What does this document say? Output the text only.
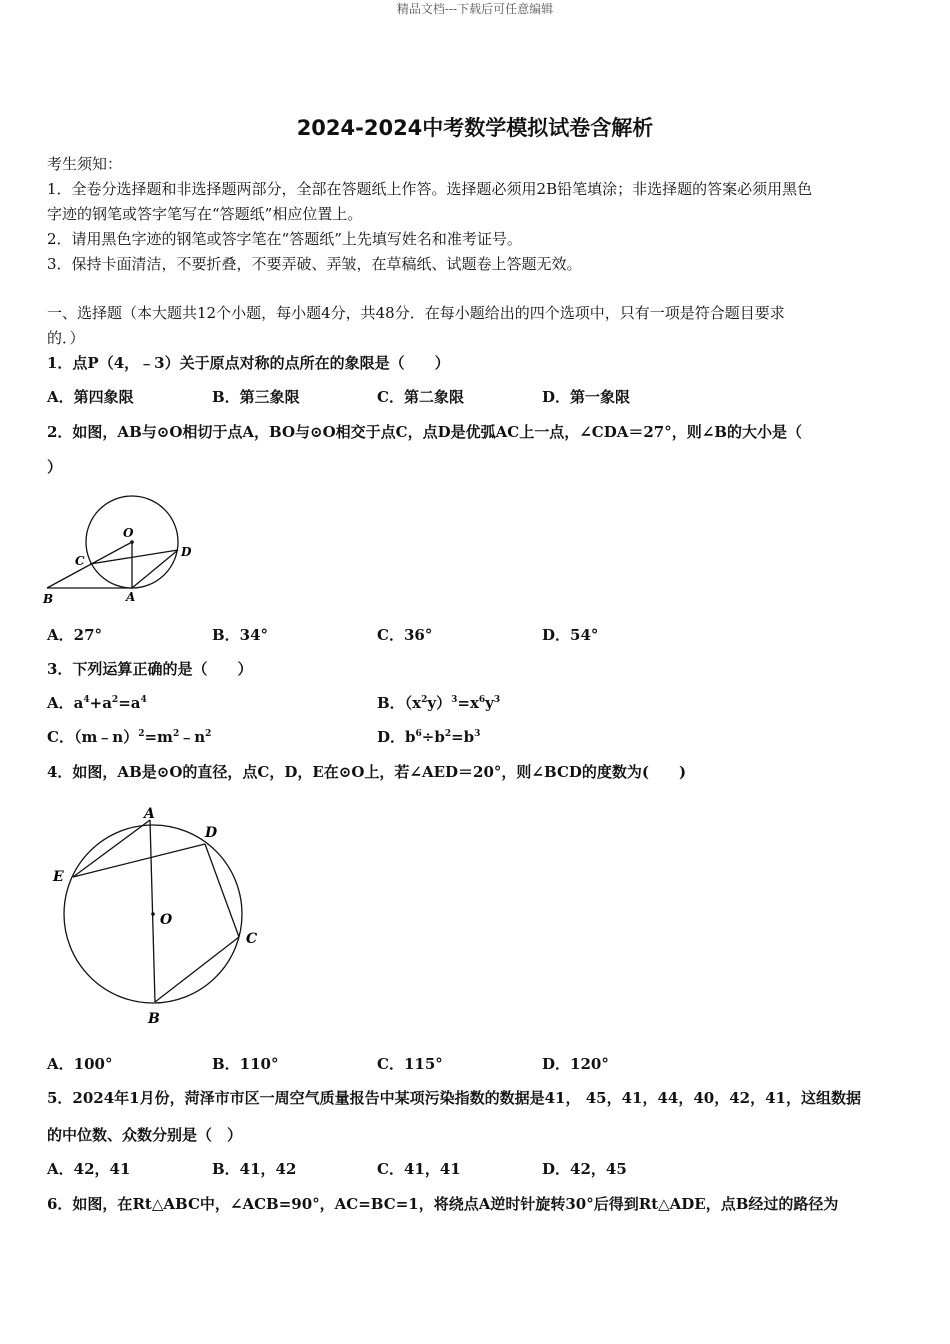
精品文档---下载后可任意编辑
2024-2024中考数学模拟试卷含解析
考生须知：
1．全卷分选择题和非选择题两部分，全部在答题纸上作答。选择题必须用2B铅笔填涂；非选择题的答案必须用黑色
字迹的钢笔或答字笔写在“答题纸”相应位置上。
2．请用黑色字迹的钢笔或答字笔在“答题纸”上先填写姓名和准考证号。
3．保持卡面清洁，不要折叠，不要弄破、弄皱，在草稿纸、试题卷上答题无效。
一、选择题（本大题共12个小题，每小题4分，共48分．在每小题给出的四个选项中，只有一项是符合题目要求
的．）
1．点P（4，﹣3）关于原点对称的点所在的象限是（　　）
A．第四象限	B．第三象限	C．第二象限	D．第一象限
2．如图，AB与⊙O相切于点A，BO与⊙O相交于点C，点D是优弧AC上一点，∠CDA＝27°，则∠B的大小是（
）
O
C
D
B	A
A．27°	B．34°	C．36°	D．54°
3．下列运算正确的是（　　）
A．$a^4+a^2=a^4$	B．$(x^2y)^3=x^6y^3$
C．$(m﹣n)^2=m^2﹣n^2$	D．$b^6\div b^2=b^3$
4．如图，AB是⊙O的直径，点C，D，E在⊙O上，若∠AED＝20°，则∠BCD的度数为(　　)
A
D
E
O
C
B
A．100°	B．110°	C．115°	D．120°
5．2024年1月份，菏泽市市区一周空气质量报告中某项污染指数的数据是41， 45，41，44，40，42，41，这组数据
的中位数、众数分别是（　）
A．42，41	B．41，42	C．41，41	D．42，45
6．如图，在Rt△ABC中，∠ACB=90°，AC=BC=1，将绕点A逆时针旋转30°后得到Rt△ADE，点B经过的路径为
